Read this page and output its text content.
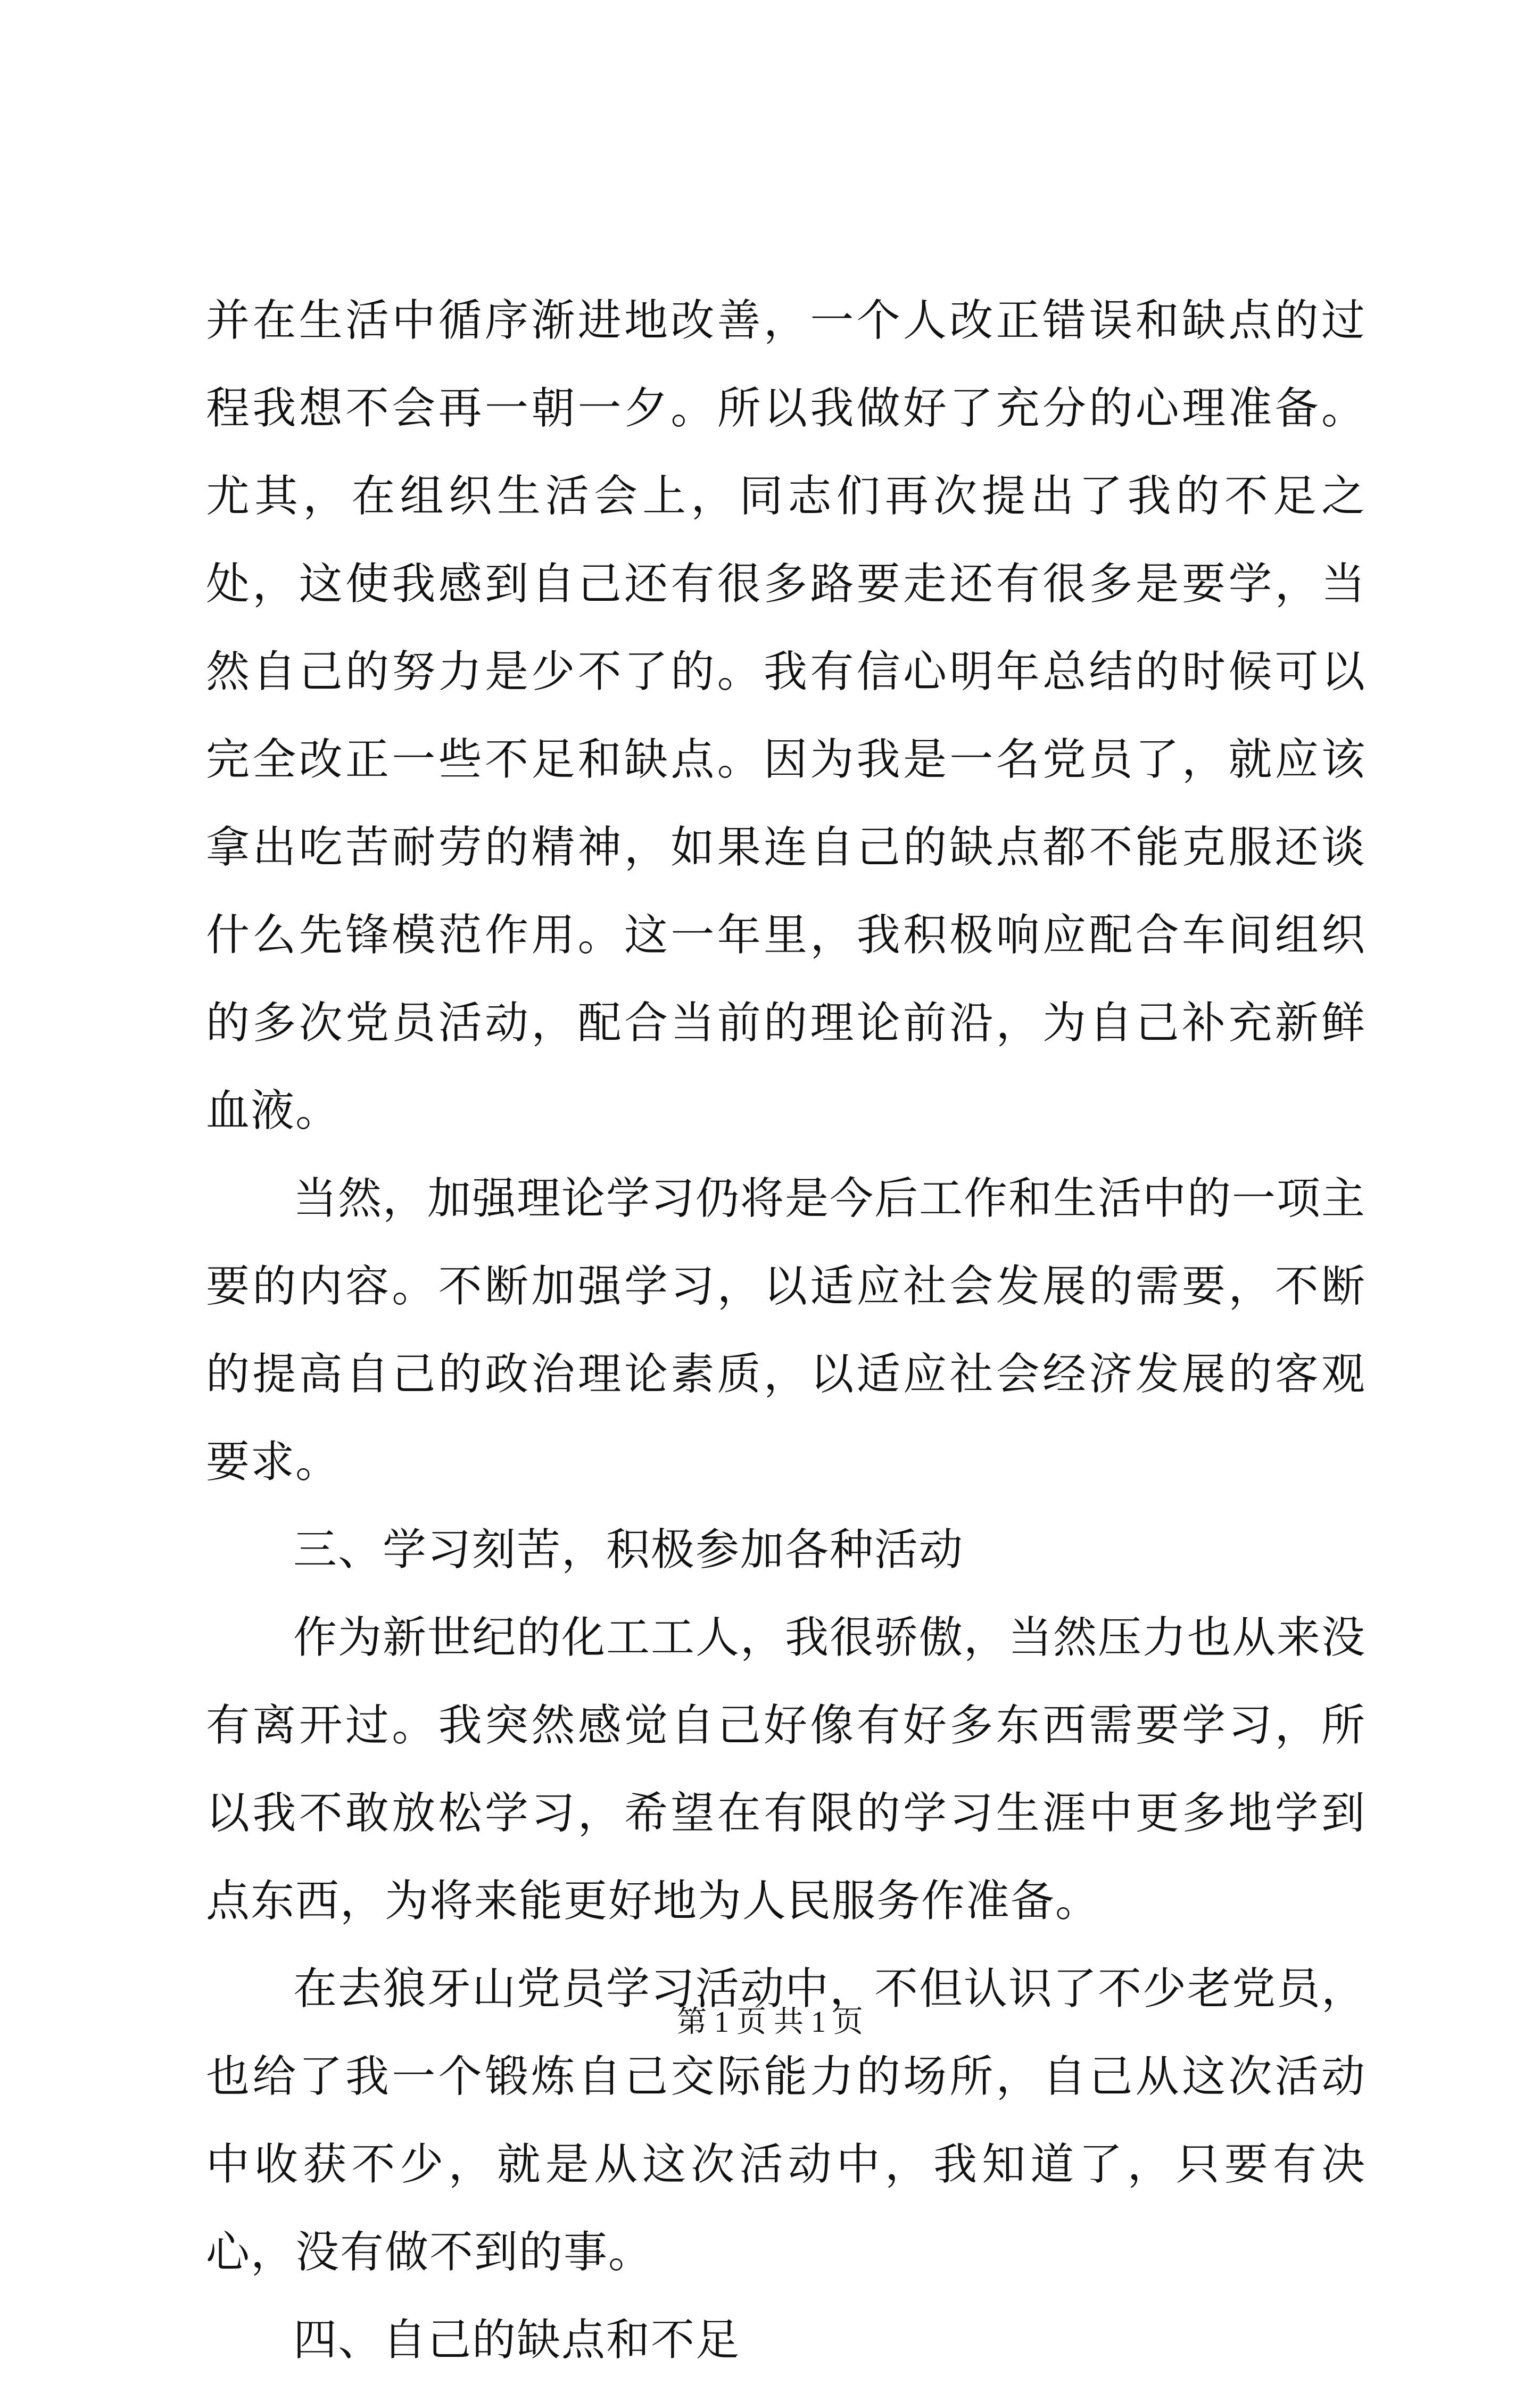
并在生活中循序渐进地改善，一个人改正错误和缺点的过程我想不会再一朝一夕。所以我做好了充分的心理准备。尤其，在组织生活会上，同志们再次提出了我的不足之处，这使我感到自己还有很多路要走还有很多是要学，当然自己的努力是少不了的。我有信心明年总结的时候可以完全改正一些不足和缺点。因为我是一名党员了，就应该拿出吃苦耐劳的精神，如果连自己的缺点都不能克服还谈什么先锋模范作用。这一年里，我积极响应配合车间组织的多次党员活动，配合当前的理论前沿，为自己补充新鲜血液。

当然，加强理论学习仍将是今后工作和生活中的一项主要的内容。不断加强学习，以适应社会发展的需要，不断的提高自己的政治理论素质，以适应社会经济发展的客观要求。

三、学习刻苦，积极参加各种活动

作为新世纪的化工工人，我很骄傲，当然压力也从来没有离开过。我突然感觉自己好像有好多东西需要学习，所以我不敢放松学习，希望在有限的学习生涯中更多地学到点东西，为将来能更好地为人民服务作准备。

在去狼牙山党员学习活动中，不但认识了不少老党员，也给了我一个锻炼自己交际能力的场所，自己从这次活动中收获不少，就是从这次活动中，我知道了，只要有决心，没有做不到的事。

四、自己的缺点和不足

第 1 页 共 1 页
